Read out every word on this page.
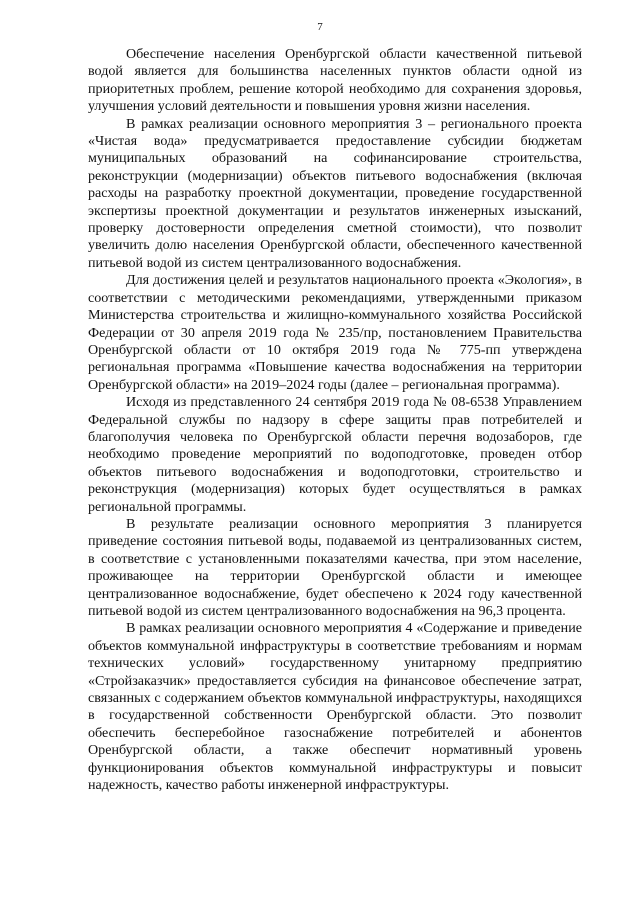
7

Обеспечение населения Оренбургской области качественной питьевой водой является для большинства населенных пунктов области одной из приоритетных проблем, решение которой необходимо для сохранения здоровья, улучшения условий деятельности и повышения уровня жизни населения.

В рамках реализации основного мероприятия 3 – регионального проекта «Чистая вода» предусматривается предоставление субсидии бюджетам муниципальных образований на софинансирование строительства, реконструкции (модернизации) объектов питьевого водоснабжения (включая расходы на разработку проектной документации, проведение государственной экспертизы проектной документации и результатов инженерных изысканий, проверку достоверности определения сметной стоимости), что позволит увеличить долю населения Оренбургской области, обеспеченного качественной питьевой водой из систем централизованного водоснабжения.

Для достижения целей и результатов национального проекта «Экология», в соответствии с методическими рекомендациями, утвержденными приказом Министерства строительства и жилищно-коммунального хозяйства Российской Федерации от 30 апреля 2019 года № 235/пр, постановлением Правительства Оренбургской области от 10 октября 2019 года № 775-пп утверждена региональная программа «Повышение качества водоснабжения на территории Оренбургской области» на 2019–2024 годы (далее – региональная программа).

Исходя из представленного 24 сентября 2019 года № 08-6538 Управлением Федеральной службы по надзору в сфере защиты прав потребителей и благополучия человека по Оренбургской области перечня водозаборов, где необходимо проведение мероприятий по водоподготовке, проведен отбор объектов питьевого водоснабжения и водоподготовки, строительство и реконструкция (модернизация) которых будет осуществляться в рамках региональной программы.

В результате реализации основного мероприятия 3 планируется приведение состояния питьевой воды, подаваемой из централизованных систем, в соответствие с установленными показателями качества, при этом население, проживающее на территории Оренбургской области и имеющее централизованное водоснабжение, будет обеспечено к 2024 году качественной питьевой водой из систем централизованного водоснабжения на 96,3 процента.

В рамках реализации основного мероприятия 4 «Содержание и приведение объектов коммунальной инфраструктуры в соответствие требованиям и нормам технических условий» государственному унитарному предприятию «Стройзаказчик» предоставляется субсидия на финансовое обеспечение затрат, связанных с содержанием объектов коммунальной инфраструктуры, находящихся в государственной собственности Оренбургской области. Это позволит обеспечить бесперебойное газоснабжение потребителей и абонентов Оренбургской области, а также обеспечит нормативный уровень функционирования объектов коммунальной инфраструктуры и повысит надежность, качество работы инженерной инфраструктуры.
